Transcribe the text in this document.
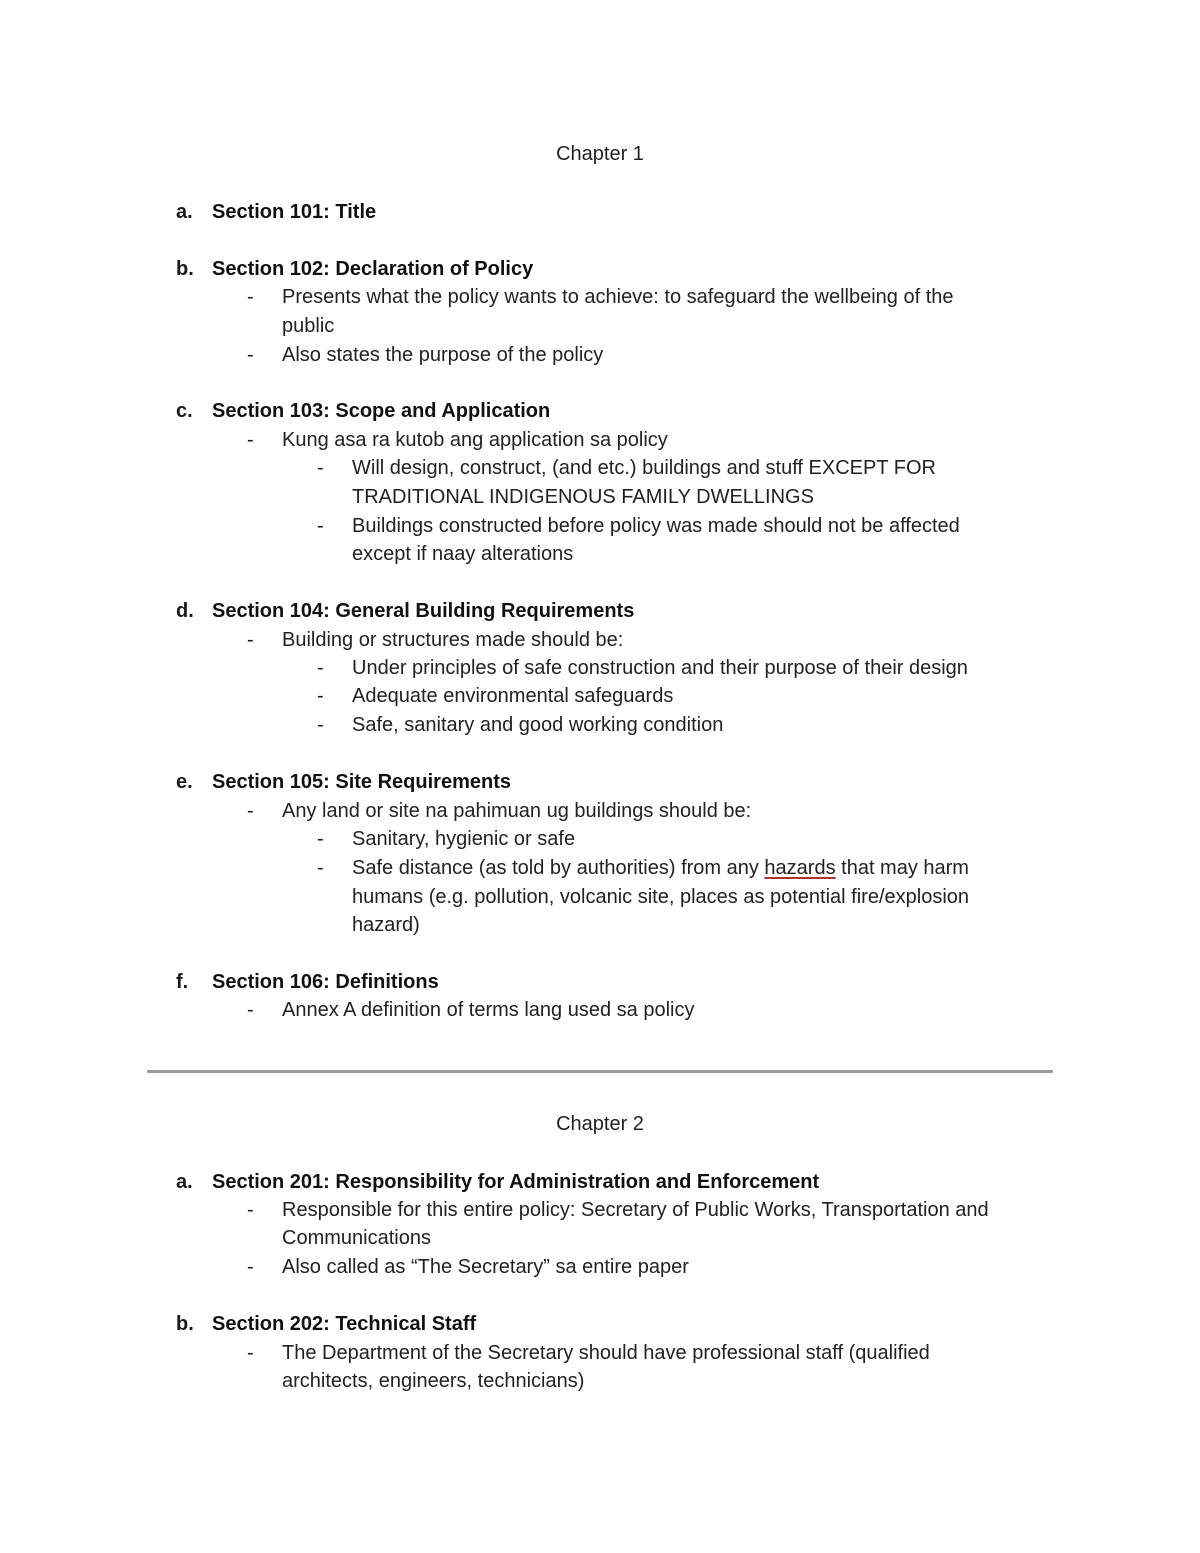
Chapter 1
a. Section 101: Title
b. Section 102: Declaration of Policy
- Presents what the policy wants to achieve: to safeguard the wellbeing of the
public
- Also states the purpose of the policy
c. Section 103: Scope and Application
- Kung asa ra kutob ang application sa policy
- Will design, construct, (and etc.) buildings and stuff EXCEPT FOR
TRADITIONAL INDIGENOUS FAMILY DWELLINGS
- Buildings constructed before policy was made should not be affected
except if naay alterations
d. Section 104: General Building Requirements
- Building or structures made should be:
- Under principles of safe construction and their purpose of their design
- Adequate environmental safeguards
- Safe, sanitary and good working condition
e. Section 105: Site Requirements
- Any land or site na pahimuan ug buildings should be:
- Sanitary, hygienic or safe
- Safe distance (as told by authorities) from any hazards that may harm
humans (e.g. pollution, volcanic site, places as potential fire/explosion
hazard)
f. Section 106: Definitions
- Annex A definition of terms lang used sa policy
Chapter 2
a. Section 201: Responsibility for Administration and Enforcement
- Responsible for this entire policy: Secretary of Public Works, Transportation and
Communications
- Also called as “The Secretary” sa entire paper
b. Section 202: Technical Staff
- The Department of the Secretary should have professional staff (qualified
architects, engineers, technicians)
